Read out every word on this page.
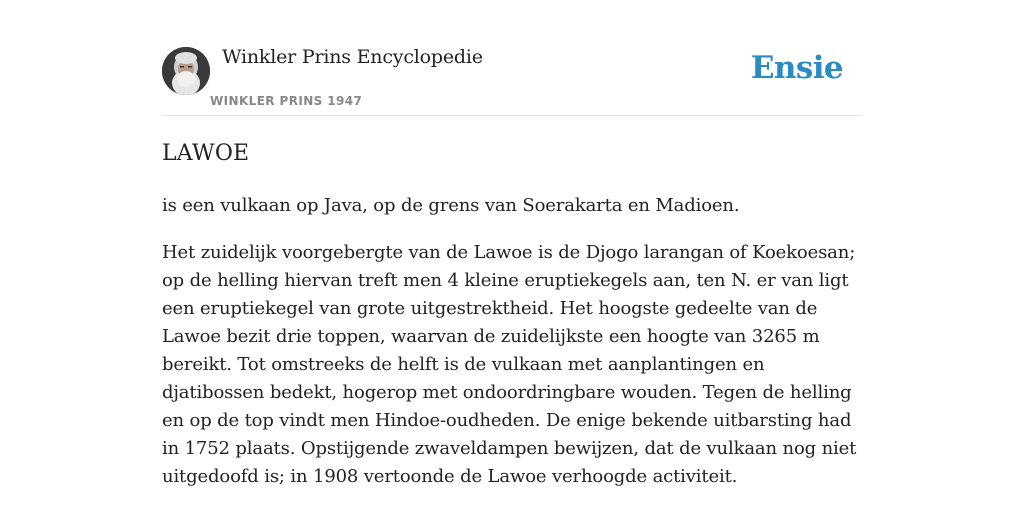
Winkler Prins Encyclopedie
WINKLER PRINS 1947
Ensie
LAWOE

is een vulkaan op Java, op de grens van Soerakarta en Madioen.

Het zuidelijk voorgebergte van de Lawoe is de Djogo larangan of Koekoesan; op de helling hiervan treft men 4 kleine eruptiekegels aan, ten N. er van ligt een eruptiekegel van grote uitgestrektheid. Het hoogste gedeelte van de Lawoe bezit drie toppen, waarvan de zuidelijkste een hoogte van 3265 m bereikt. Tot omstreeks de helft is de vulkaan met aanplantingen en djatibossen bedekt, hogerop met ondoordringbare wouden. Tegen de helling en op de top vindt men Hindoe-oudheden. De enige bekende uitbarsting had in 1752 plaats. Opstijgende zwaveldampen bewijzen, dat de vulkaan nog niet uitgedoofd is; in 1908 vertoonde de Lawoe verhoogde activiteit.
